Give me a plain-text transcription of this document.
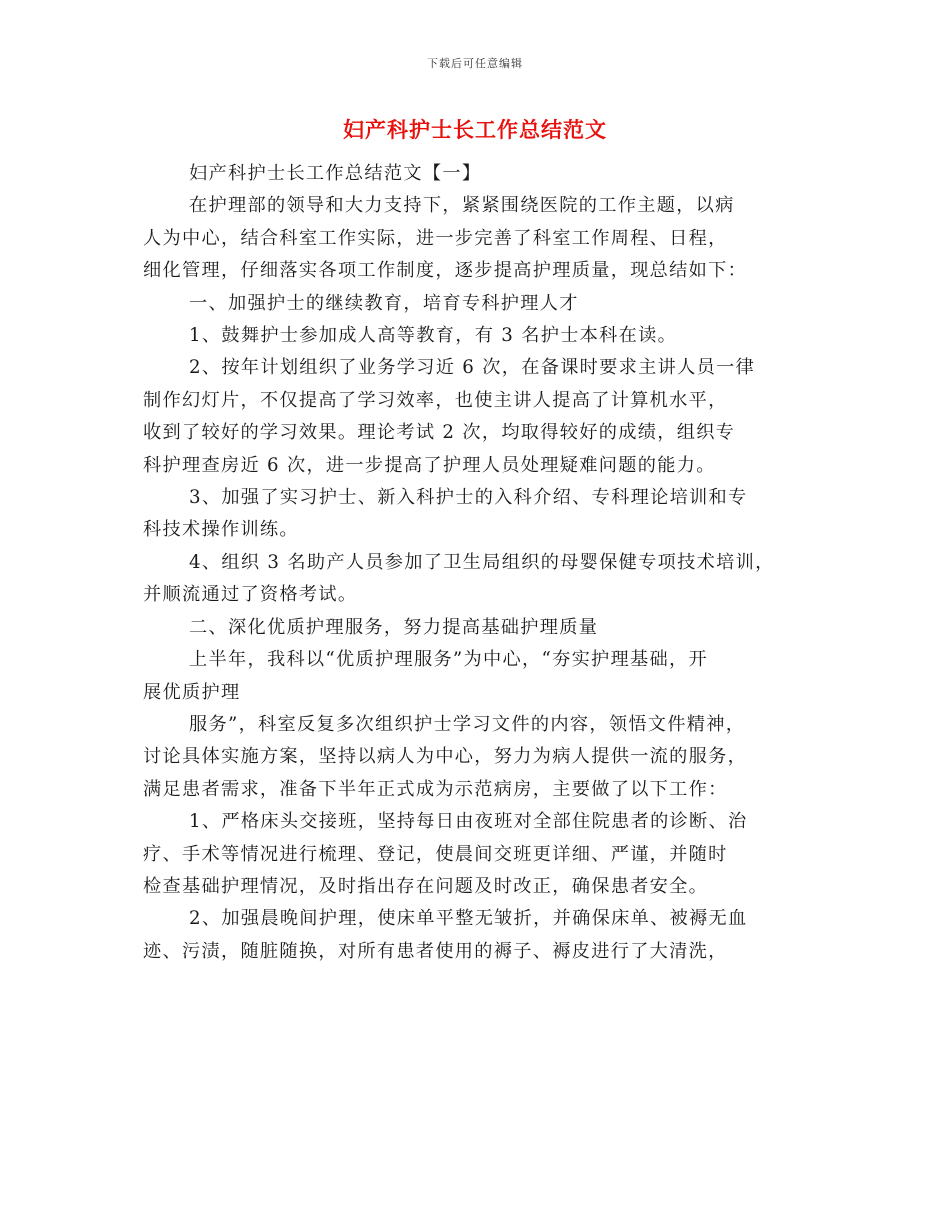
下载后可任意编辑
妇产科护士长工作总结范文

妇产科护士长工作总结范文【一】

在护理部的领导和大力支持下，紧紧围绕医院的工作主题，以病

人为中心，结合科室工作实际，进一步完善了科室工作周程、日程，

细化管理，仔细落实各项工作制度，逐步提高护理质量，现总结如下：

一、加强护士的继续教育，培育专科护理人才

1、鼓舞护士参加成人高等教育，有 3 名护士本科在读。

2、按年计划组织了业务学习近 6 次，在备课时要求主讲人员一律

制作幻灯片，不仅提高了学习效率，也使主讲人提高了计算机水平，

收到了较好的学习效果。理论考试 2 次，均取得较好的成绩，组织专

科护理查房近 6 次，进一步提高了护理人员处理疑难问题的能力。

3、加强了实习护士、新入科护士的入科介绍、专科理论培训和专

科技术操作训练。

4、组织 3 名助产人员参加了卫生局组织的母婴保健专项技术培训，

并顺流通过了资格考试。

二、深化优质护理服务，努力提高基础护理质量

上半年，我科以“优质护理服务”为中心，“夯实护理基础，开

展优质护理

服务”，科室反复多次组织护士学习文件的内容，领悟文件精神，

讨论具体实施方案，坚持以病人为中心，努力为病人提供一流的服务，

满足患者需求，准备下半年正式成为示范病房，主要做了以下工作：

1、严格床头交接班，坚持每日由夜班对全部住院患者的诊断、治

疗、手术等情况进行梳理、登记，使晨间交班更详细、严谨，并随时

检查基础护理情况，及时指出存在问题及时改正，确保患者安全。

2、加强晨晚间护理，使床单平整无皱折，并确保床单、被褥无血

迹、污渍，随脏随换，对所有患者使用的褥子、褥皮进行了大清洗，
